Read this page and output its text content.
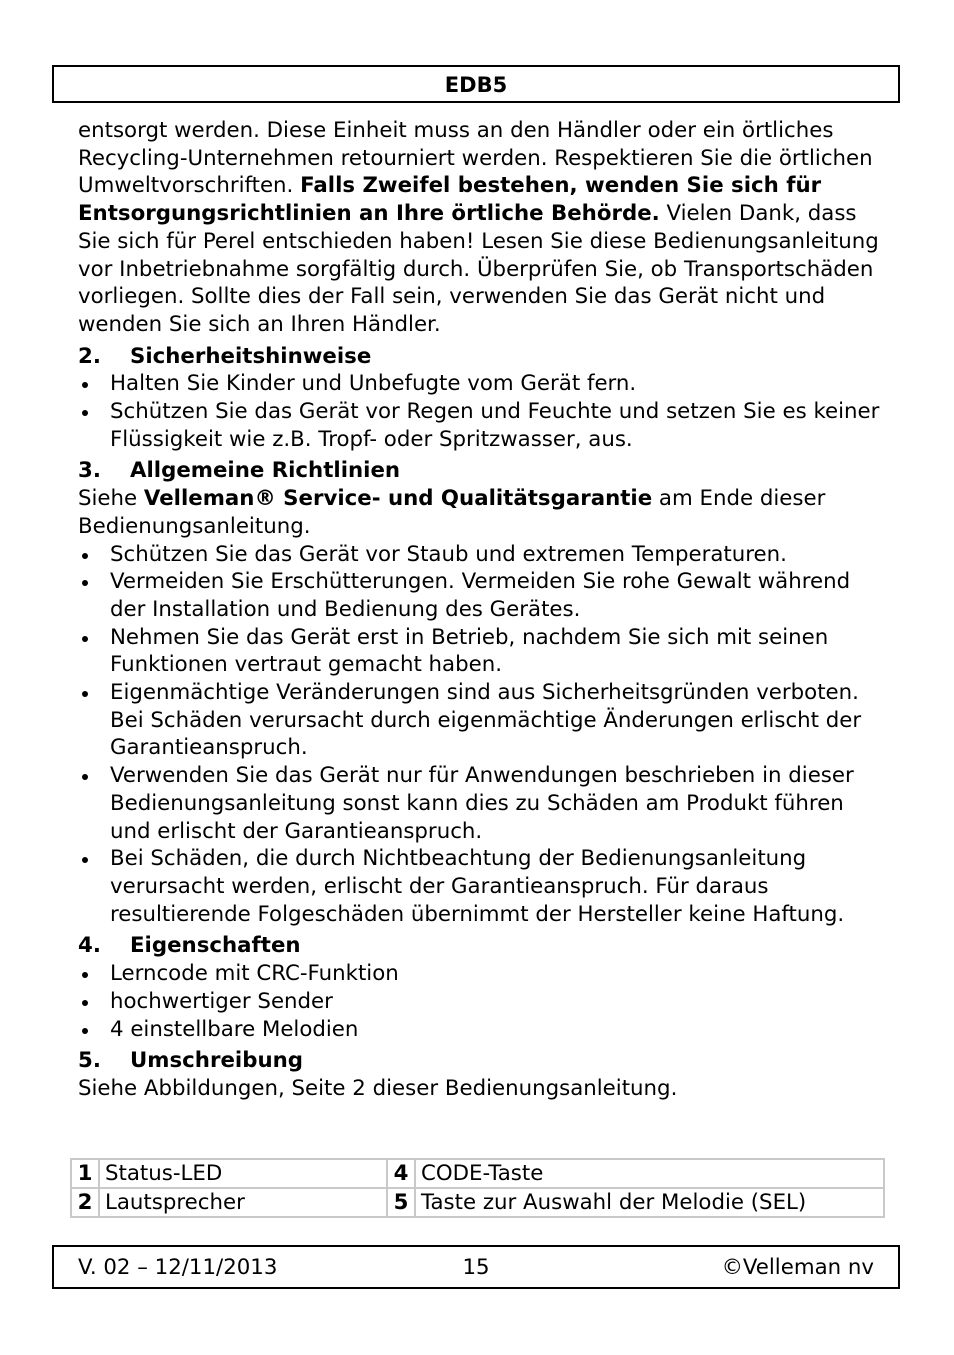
EDB5

entsorgt werden. Diese Einheit muss an den Händler oder ein örtliches Recycling-Unternehmen retourniert werden. Respektieren Sie die örtlichen Umweltvorschriften. Falls Zweifel bestehen, wenden Sie sich für Entsorgungsrichtlinien an Ihre örtliche Behörde. Vielen Dank, dass Sie sich für Perel entschieden haben! Lesen Sie diese Bedienungsanleitung vor Inbetriebnahme sorgfältig durch. Überprüfen Sie, ob Transportschäden vorliegen. Sollte dies der Fall sein, verwenden Sie das Gerät nicht und wenden Sie sich an Ihren Händler.

2.	Sicherheitshinweise
Halten Sie Kinder und Unbefugte vom Gerät fern.
Schützen Sie das Gerät vor Regen und Feuchte und setzen Sie es keiner Flüssigkeit wie z.B. Tropf- oder Spritzwasser, aus.
3.	Allgemeine Richtlinien

Siehe Velleman® Service- und Qualitätsgarantie am Ende dieser Bedienungsanleitung.

Schützen Sie das Gerät vor Staub und extremen Temperaturen.
Vermeiden Sie Erschütterungen. Vermeiden Sie rohe Gewalt während der Installation und Bedienung des Gerätes.
Nehmen Sie das Gerät erst in Betrieb, nachdem Sie sich mit seinen Funktionen vertraut gemacht haben.
Eigenmächtige Veränderungen sind aus Sicherheitsgründen verboten. Bei Schäden verursacht durch eigenmächtige Änderungen erlischt der Garantieanspruch.
Verwenden Sie das Gerät nur für Anwendungen beschrieben in dieser Bedienungsanleitung sonst kann dies zu Schäden am Produkt führen und erlischt der Garantieanspruch.
Bei Schäden, die durch Nichtbeachtung der Bedienungsanleitung verursacht werden, erlischt der Garantieanspruch. Für daraus resultierende Folgeschäden übernimmt der Hersteller keine Haftung.
4.	Eigenschaften
Lerncode mit CRC-Funktion
hochwertiger Sender
4 einstellbare Melodien
5.	Umschreibung

Siehe Abbildungen, Seite 2 dieser Bedienungsanleitung.

1	Status-LED	4	CODE-Taste
2	Lautsprecher	5	Taste zur Auswahl der Melodie (SEL)
V. 02 – 12/11/2013	15	©Velleman nv
